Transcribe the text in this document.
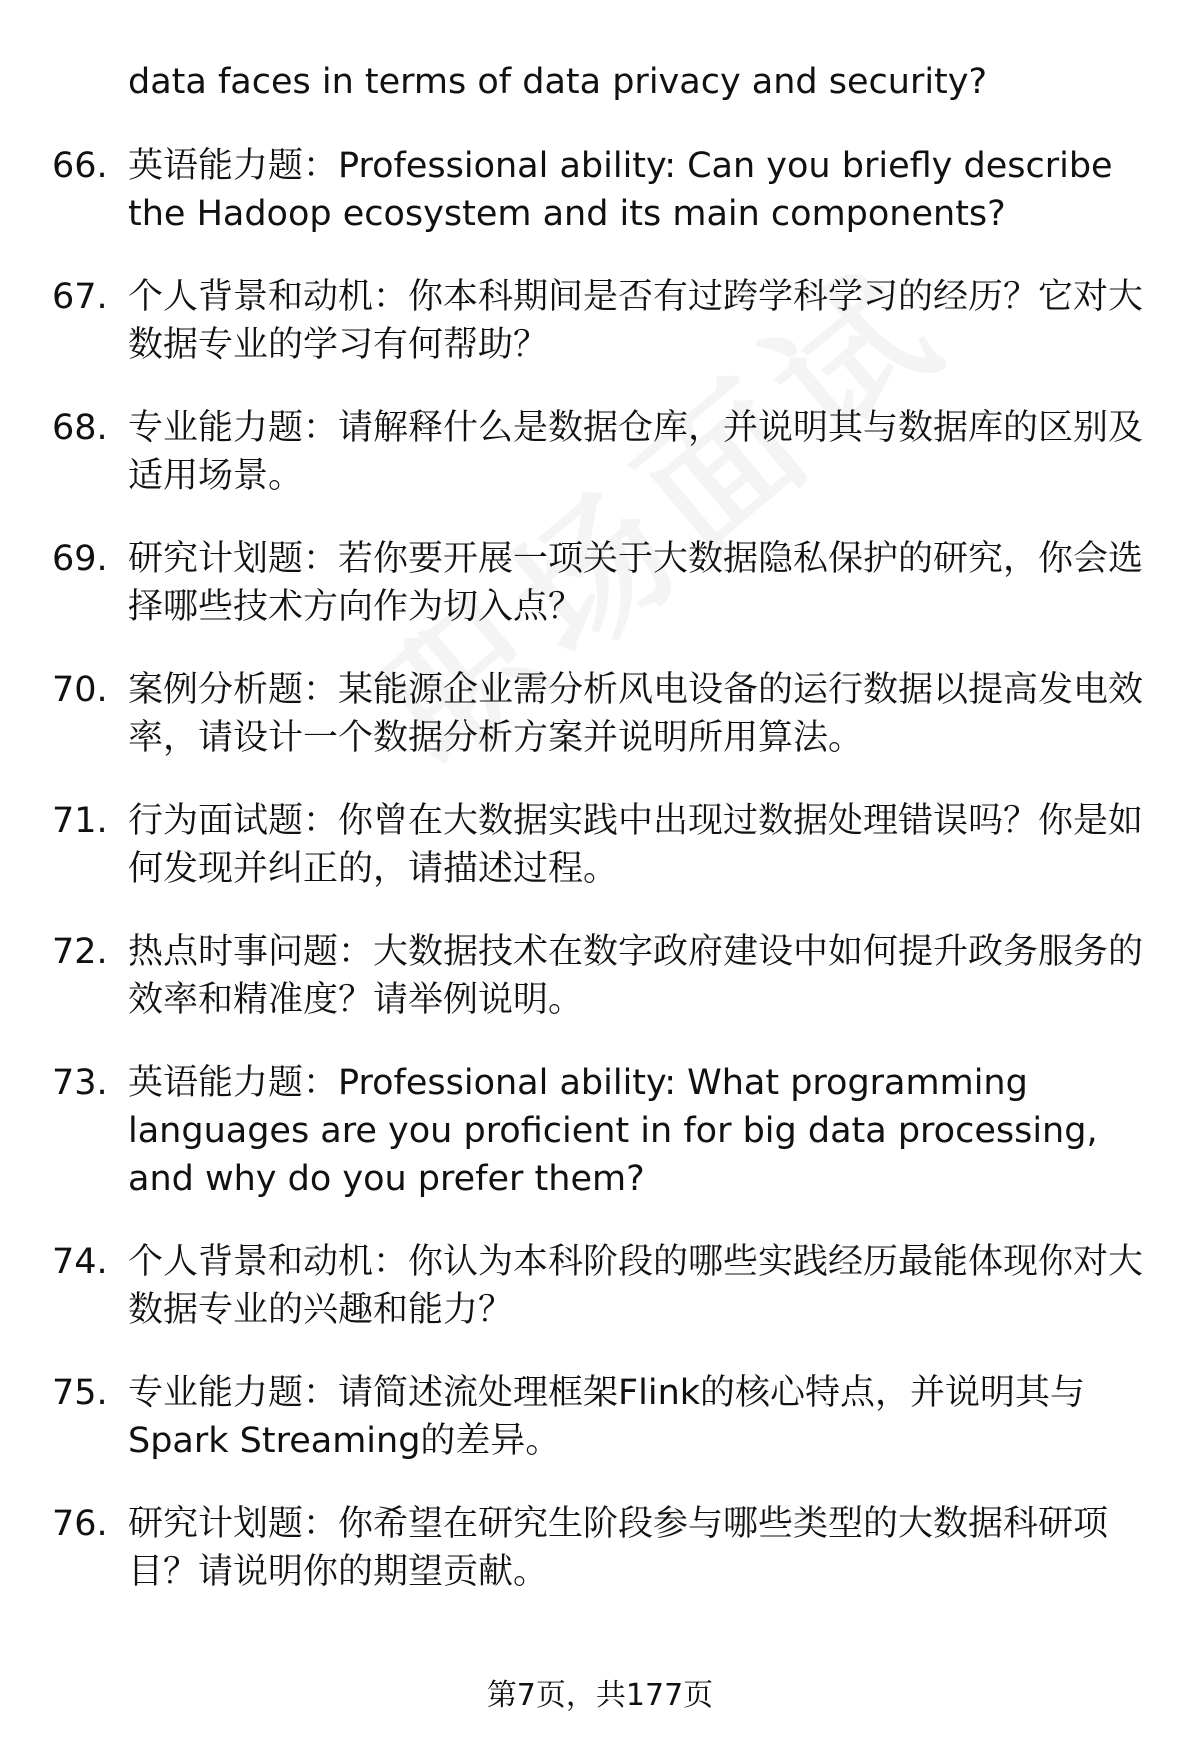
data faces in terms of data privacy and security?
66. 英语能力题：Professional ability: Can you briefly describe the Hadoop ecosystem and its main components?
67. 个人背景和动机：你本科期间是否有过跨学科学习的经历？它对大数据专业的学习有何帮助？
68. 专业能力题：请解释什么是数据仓库，并说明其与数据库的区别及适用场景。
69. 研究计划题：若你要开展一项关于大数据隐私保护的研究，你会选择哪些技术方向作为切入点？
70. 案例分析题：某能源企业需分析风电设备的运行数据以提高发电效率，请设计一个数据分析方案并说明所用算法。
71. 行为面试题：你曾在大数据实践中出现过数据处理错误吗？你是如何发现并纠正的，请描述过程。
72. 热点时事问题：大数据技术在数字政府建设中如何提升政务服务的效率和精准度？请举例说明。
73. 英语能力题：Professional ability: What programming languages are you proficient in for big data processing, and why do you prefer them?
74. 个人背景和动机：你认为本科阶段的哪些实践经历最能体现你对大数据专业的兴趣和能力？
75. 专业能力题：请简述流处理框架Flink的核心特点，并说明其与Spark Streaming的差异。
76. 研究计划题：你希望在研究生阶段参与哪些类型的大数据科研项目？请说明你的期望贡献。
第7页，共177页
